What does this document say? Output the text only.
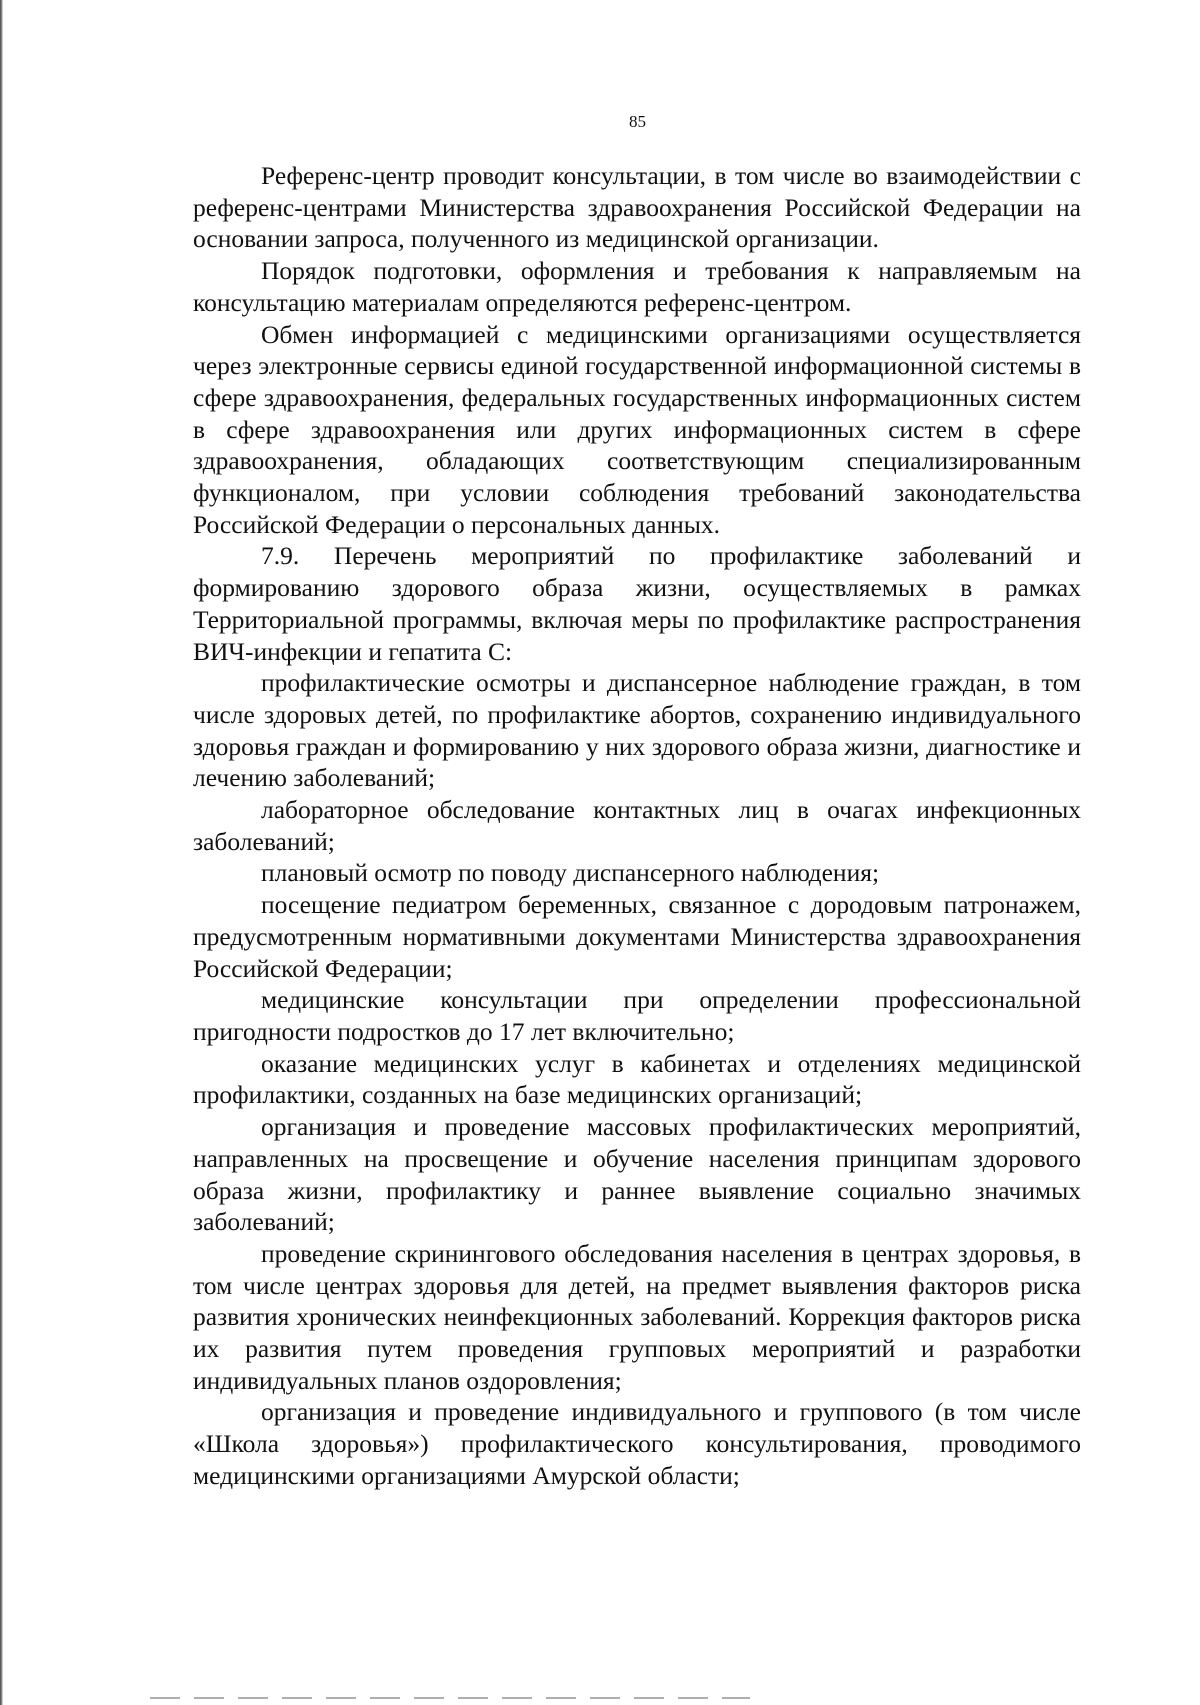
85

Референс-центр проводит консультации, в том числе во взаимодействии с референс-центрами Министерства здравоохранения Российской Федерации на основании запроса, полученного из медицинской организации.

Порядок подготовки, оформления и требования к направляемым на консультацию материалам определяются референс-центром.

Обмен информацией с медицинскими организациями осуществляется через электронные сервисы единой государственной информационной системы в сфере здравоохранения, федеральных государственных информационных систем в сфере здравоохранения или других информационных систем в сфере здравоохранения, обладающих соответствующим специализированным функционалом, при условии соблюдения требований законодательства Российской Федерации о персональных данных.

7.9. Перечень мероприятий по профилактике заболеваний и формированию здорового образа жизни, осуществляемых в рамках Территориальной программы, включая меры по профилактике распространения ВИЧ-инфекции и гепатита С:

профилактические осмотры и диспансерное наблюдение граждан, в том числе здоровых детей, по профилактике абортов, сохранению индивидуального здоровья граждан и формированию у них здорового образа жизни, диагностике и лечению заболеваний;

лабораторное обследование контактных лиц в очагах инфекционных заболеваний;

плановый осмотр по поводу диспансерного наблюдения;

посещение педиатром беременных, связанное с дородовым патронажем, предусмотренным нормативными документами Министерства здравоохранения Российской Федерации;

медицинские консультации при определении профессиональной пригодности подростков до 17 лет включительно;

оказание медицинских услуг в кабинетах и отделениях медицинской профилактики, созданных на базе медицинских организаций;

организация и проведение массовых профилактических мероприятий, направленных на просвещение и обучение населения принципам здорового образа жизни, профилактику и раннее выявление социально значимых заболеваний;

проведение скринингового обследования населения в центрах здоровья, в том числе центрах здоровья для детей, на предмет выявления факторов риска развития хронических неинфекционных заболеваний. Коррекция факторов риска их развития путем проведения групповых мероприятий и разработки индивидуальных планов оздоровления;

организация и проведение индивидуального и группового (в том числе «Школа здоровья») профилактического консультирования, проводимого медицинскими организациями Амурской области;
